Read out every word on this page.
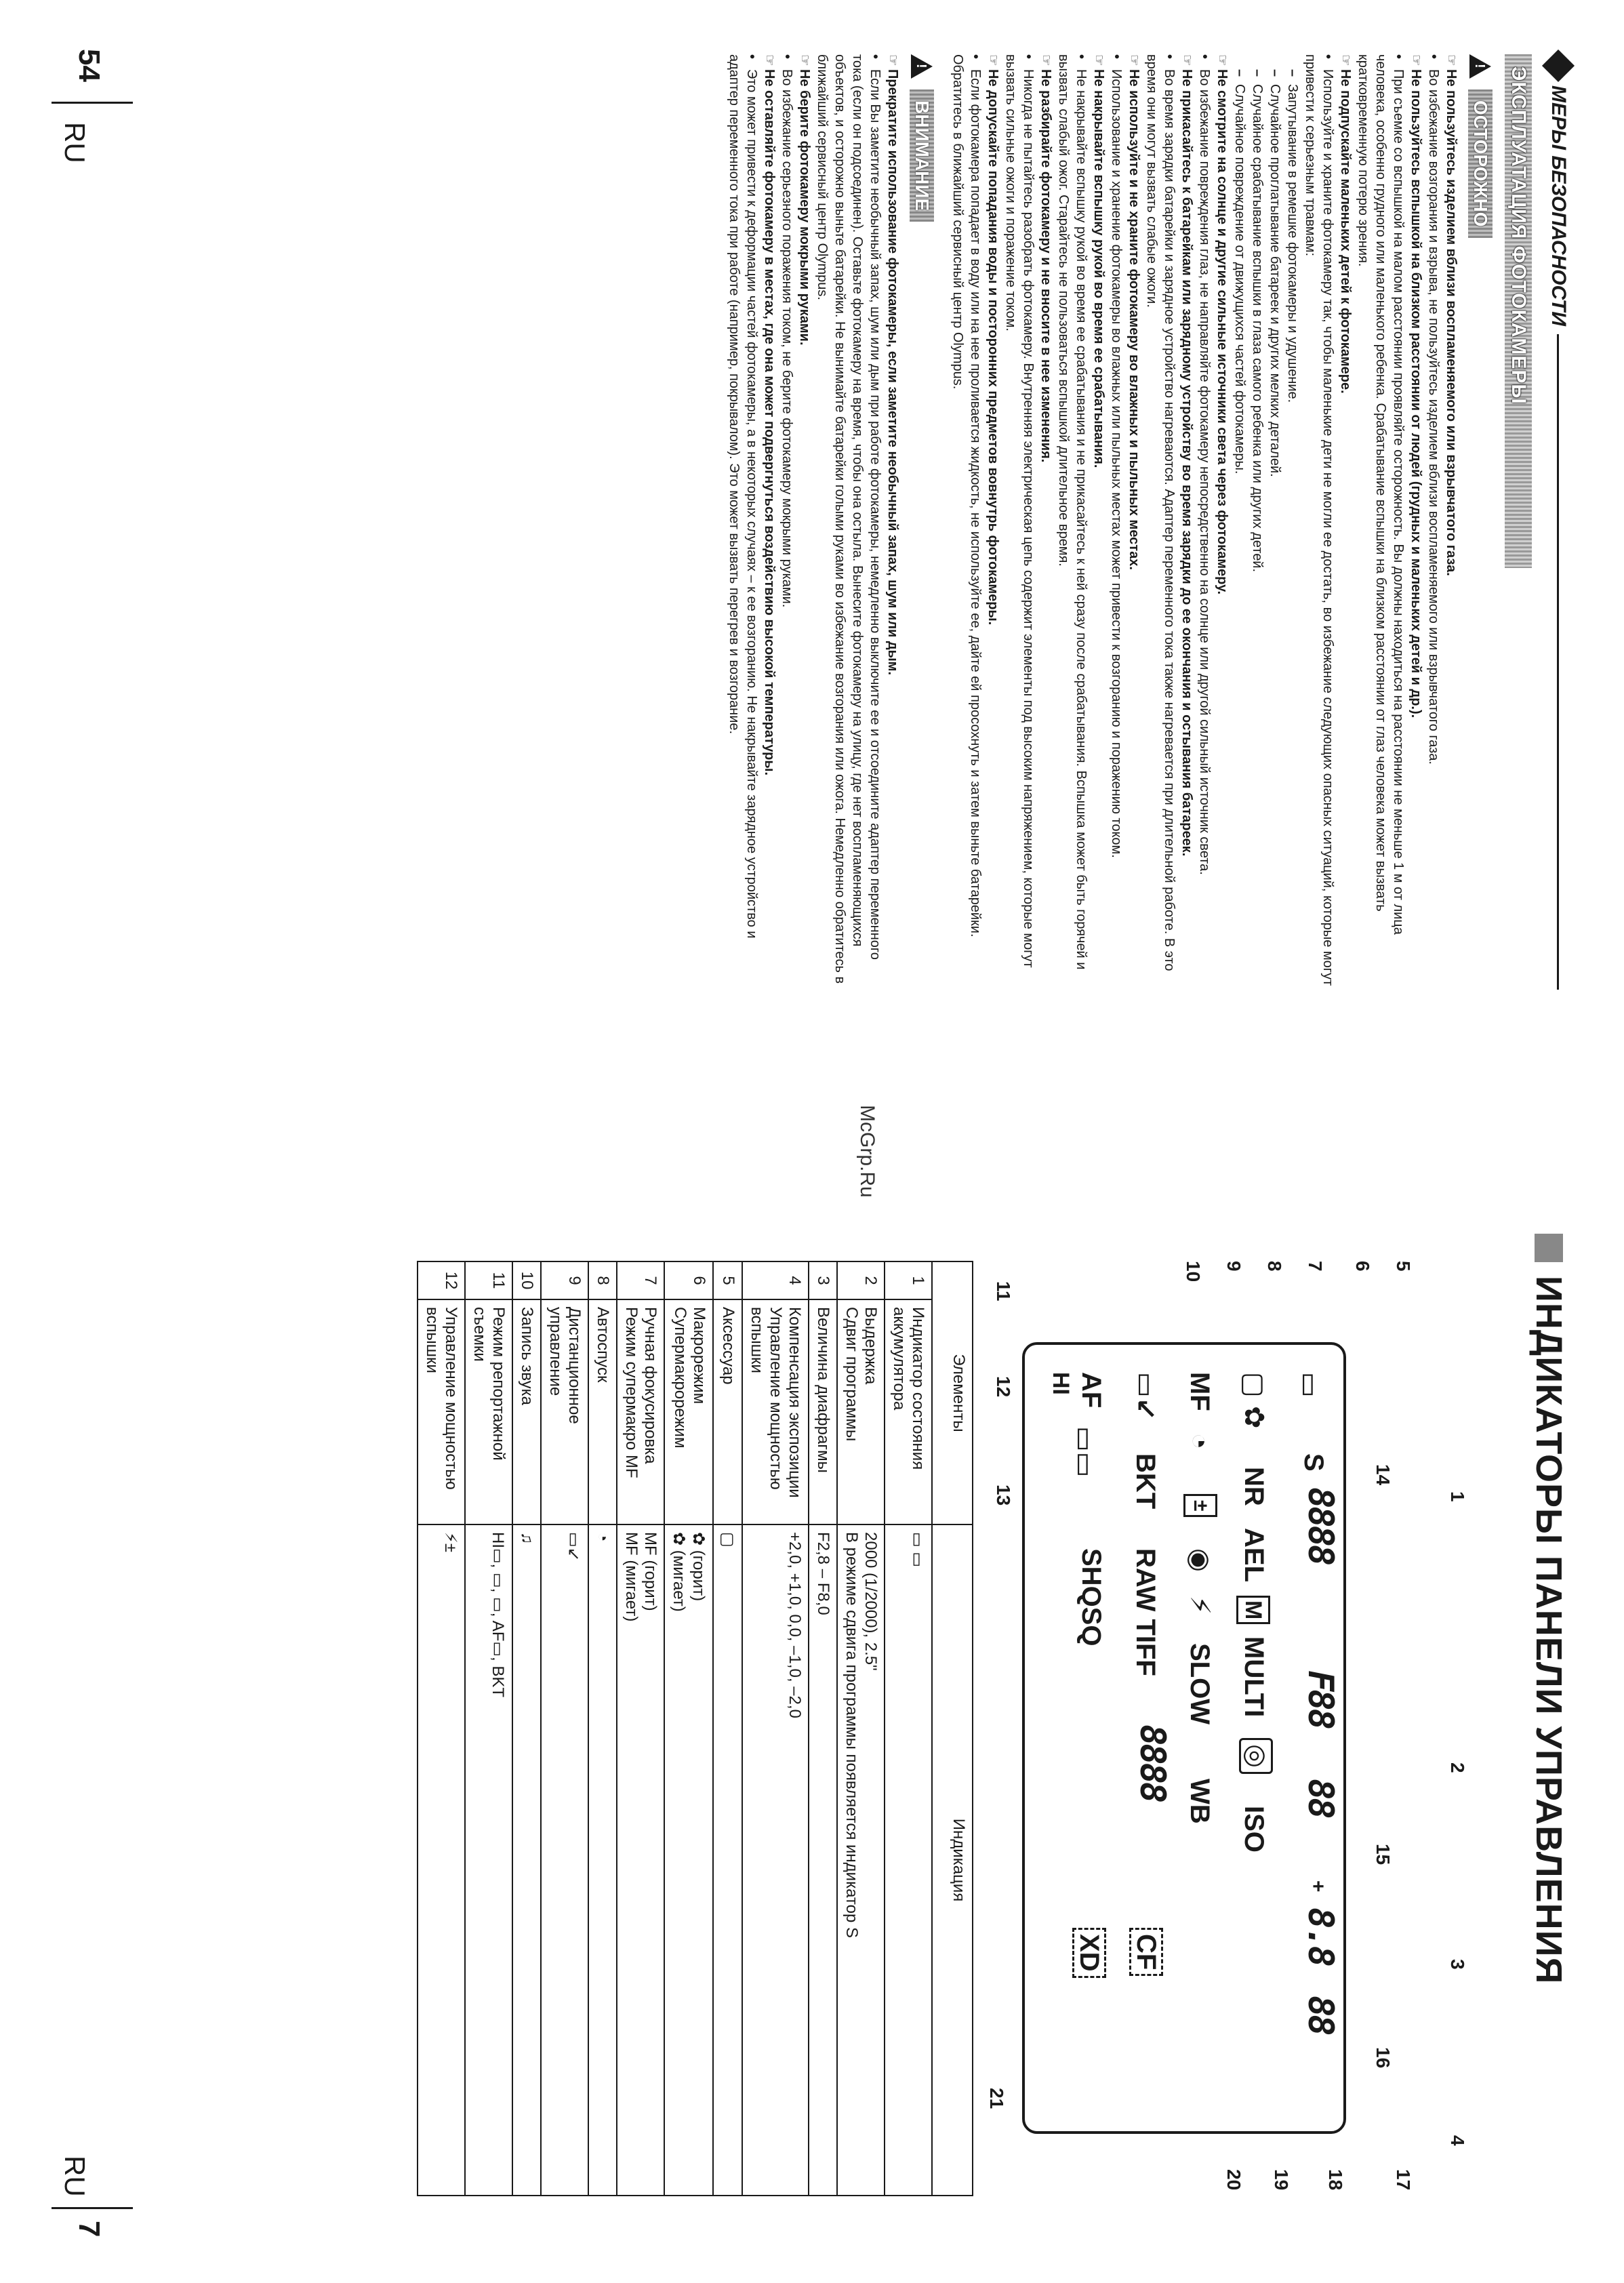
54
RU	МЕРЫ БЕЗОПАСНОСТИ
ЭКСПЛУАТАЦИЯ ФОТОКАМЕРЫ
!
ОСТОРОЖНО

☞Не пользуйтесь изделием вблизи воспламеняемого или взрывчатого газа.

•Во избежание возгорания и взрыва, не пользуйтесь изделием вблизи воспламеняемого или взрывчатого газа.

☞Не пользуйтесь вспышкой на близком расстоянии от людей (грудных и маленьких детей и др.).

•При съемке со вспышкой на малом расстоянии проявляйте осторожность. Вы должны находиться на расстоянии не меньше 1 м от лица человека, особенно грудного или маленького ребенка. Срабатывание вспышки на близком расстоянии от глаз человека может вызвать кратковременную потерю зрения.

☞Не подпускайте маленьких детей к фотокамере.

•Используйте и храните фотокамеру так, чтобы маленькие дети не могли ее достать, во избежание следующих опасных ситуаций, которые могут привести к серьезным травмам:

–Запутывание в ремешке фотокамеры и удушение.

–Случайное проглатывание батареек и других мелких деталей.

–Случайное срабатывание вспышки в глаза самого ребенка или других детей.

–Случайное повреждение от движущихся частей фотокамеры.

☞Не смотрите на солнце и другие сильные источники света через фотокамеру.

•Во избежание повреждения глаз, не направляйте фотокамеру непосредственно на солнце или другой сильный источник света.

☞Не прикасайтесь к батарейкам или зарядному устройству во время зарядки до ее окончания и остывания батареек.

•Во время зарядки батарейки и зарядное устройство нагреваются. Адаптер переменного тока также нагревается при длительной работе. В это время они могут вызвать слабые ожоги.

☞Не используйте и не храните фотокамеру во влажных и пыльных местах.

•Использование и хранение фотокамеры во влажных или пыльных местах может привести к возгоранию и поражению током.

☞Не накрывайте вспышку рукой во время ее срабатывания.

•Не накрывайте вспышку рукой во время ее срабатывания и не прикасайтесь к ней сразу после срабатывания. Вспышка может быть горячей и вызвать слабый ожог. Старайтесь не пользоваться вспышкой длительное время.

☞Не разбирайте фотокамеру и не вносите в нее изменения.

•Никогда не пытайтесь разобрать фотокамеру. Внутренняя электрическая цепь содержит элементы под высоким напряжением, которые могут вызвать сильные ожоги и поражение током.

☞Не допускайте попадания воды и посторонних предметов вовнутрь фотокамеры.

•Если фотокамера попадает в воду или на нее проливается жидкость, не используйте ее, дайте ей просохнуть и затем выньте батарейки. Обратитесь в ближайший сервисный центр Olympus.

!
ВНИМАНИЕ

☞Прекратите использование фотокамеры, если заметите необычный запах, шум или дым.

•Если Вы заметите необычный запах, шум или дым при работе фотокамеры, немедленно выключите ее и отсоедините адаптер переменного тока (если он подсоединен). Оставьте фотокамеру на время, чтобы она остыла. Вынесите фотокамеру на улицу, где нет воспламеняющихся объектов, и осторожно выньте батарейки. Не вынимайте батарейки голыми руками во избежание возгорания или ожога. Немедленно обратитесь в ближайший сервисный центр Olympus.

☞Не берите фотокамеру мокрыми руками.

•Во избежание серьезного поражения током, не берите фотокамеру мокрыми руками.

☞Не оставляйте фотокамеру в местах, где она может подвергнуться воздействию высокой температуры.

•Это может привести к деформации частей фотокамеры, а в некоторых случаях – к ее возгоранию. Не накрывайте зарядное устройство и адаптер переменного тока при работе (например, покрывалом). Это может вызвать перегрев и возгорание.

McGrp.Ru
ИНДИКАТОРЫ ПАНЕЛИ УПРАВЛЕНИЯ
▭
S
8888
F88
88
+
8.8
88
▢
✿
NR
AEL
M
MULTI
◎
ISO
MF
◔
±
◉
⚡
SLOW
WB
▭↙
BKT
RAW TIFF
8888
CF
AF
HI
▭▭
SHQSQ
XD
1
2
3
4
5
6
7
8
9
10
11
12
13
14
15
16
17
18
19
20
21
Элементы		Индикация
1	Индикатор состояния аккумулятора	▭ ▭
2	Выдержка
Сдвиг программы	2000 (1/2000), 2.5"
В режиме сдвига программы появляется индикатор S
3	Величина диафрагмы	F2,8 – F8,0
4	Компенсация экспозиции
Управление мощностью вспышки	+2,0, +1,0, 0,0, –1,0, –2,0
5	Аксессуар	▢
6	Макрорежим
Супермакрорежим	✿ (горит)
✿ (мигает)
7	Ручная фокусировка
Режим супермакро MF	MF (горит)
MF (мигает)
8	Автоспуск	◔
9	Дистанционное управление	▭↙
10	Запись звука	♫
11	Режим репортажной съемки	HI▭, ▭, ▭, AF▭, BKT
12	Управление мощностью вспышки	⚡±
RU
7
